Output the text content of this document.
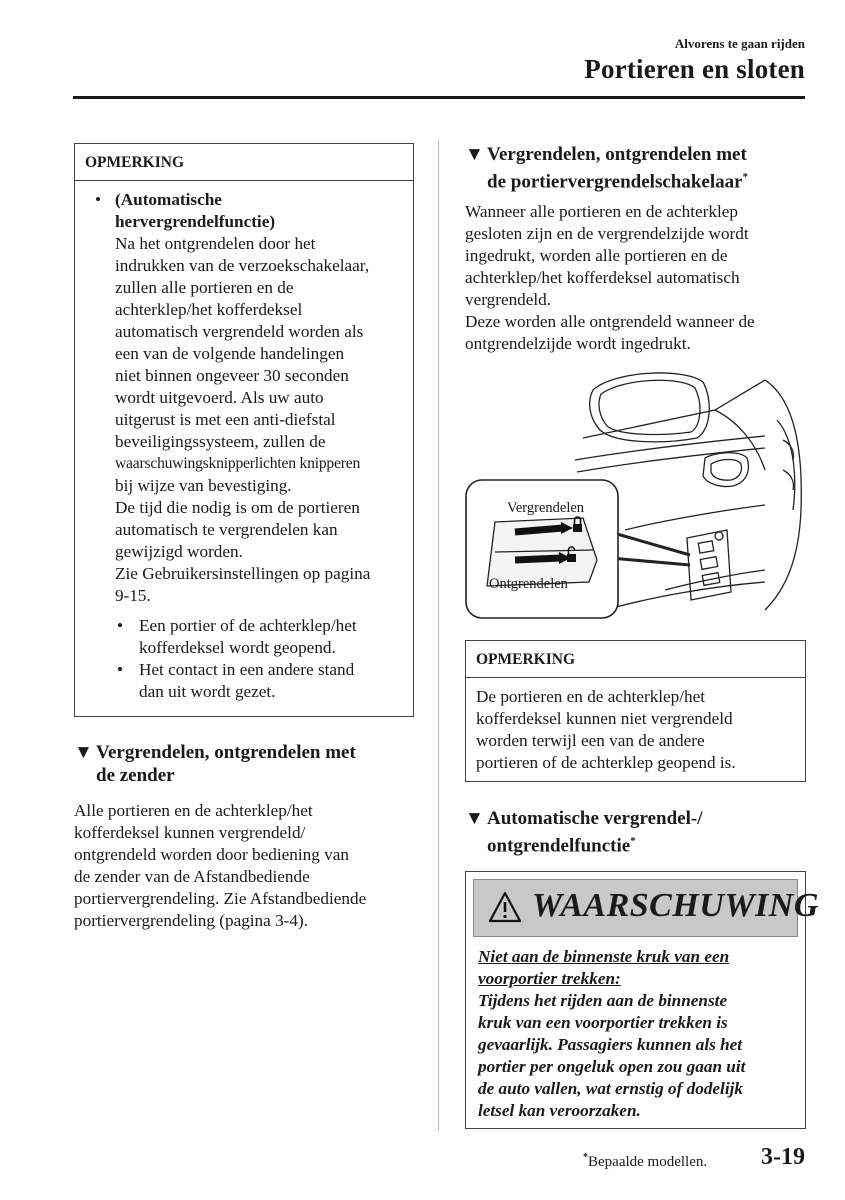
Alvorens te gaan rijden
Portieren en sloten
OPMERKING
• (Automatische
hervergrendelfunctie)
Na het ontgrendelen door het
indrukken van de verzoekschakelaar,
zullen alle portieren en de
achterklep/het kofferdeksel
automatisch vergrendeld worden als
een van de volgende handelingen
niet binnen ongeveer 30 seconden
wordt uitgevoerd. Als uw auto
uitgerust is met een anti-diefstal
beveiligingssysteem, zullen de
waarschuwingsknipperlichten knipperen
bij wijze van bevestiging.
De tijd die nodig is om de portieren
automatisch te vergrendelen kan
gewijzigd worden.
Zie Gebruikersinstellingen op pagina
9-15.
• Een portier of de achterklep/het
kofferdeksel wordt geopend.
• Het contact in een andere stand
dan uit wordt gezet.
▼ Vergrendelen, ontgrendelen met
de zender
Alle portieren en de achterklep/het
kofferdeksel kunnen vergrendeld/
ontgrendeld worden door bediening van
de zender van de Afstandbediende
portiervergrendeling. Zie Afstandbediende
portiervergrendeling (pagina 3-4).
▼ Vergrendelen, ontgrendelen met
de portiervergrendelschakelaar*
Wanneer alle portieren en de achterklep
gesloten zijn en de vergrendelzijde wordt
ingedrukt, worden alle portieren en de
achterklep/het kofferdeksel automatisch
vergrendeld.
Deze worden alle ontgrendeld wanneer de
ontgrendelzijde wordt ingedrukt.
Vergrendelen
Ontgrendelen
OPMERKING
De portieren en de achterklep/het
kofferdeksel kunnen niet vergrendeld
worden terwijl een van de andere
portieren of de achterklep geopend is.
▼ Automatische vergrendel-/
ontgrendelfunctie*
WAARSCHUWING
Niet aan de binnenste kruk van een
voorportier trekken:
Tijdens het rijden aan de binnenste
kruk van een voorportier trekken is
gevaarlijk. Passagiers kunnen als het
portier per ongeluk open zou gaan uit
de auto vallen, wat ernstig of dodelijk
letsel kan veroorzaken.
*Bepaalde modellen. 3-19
